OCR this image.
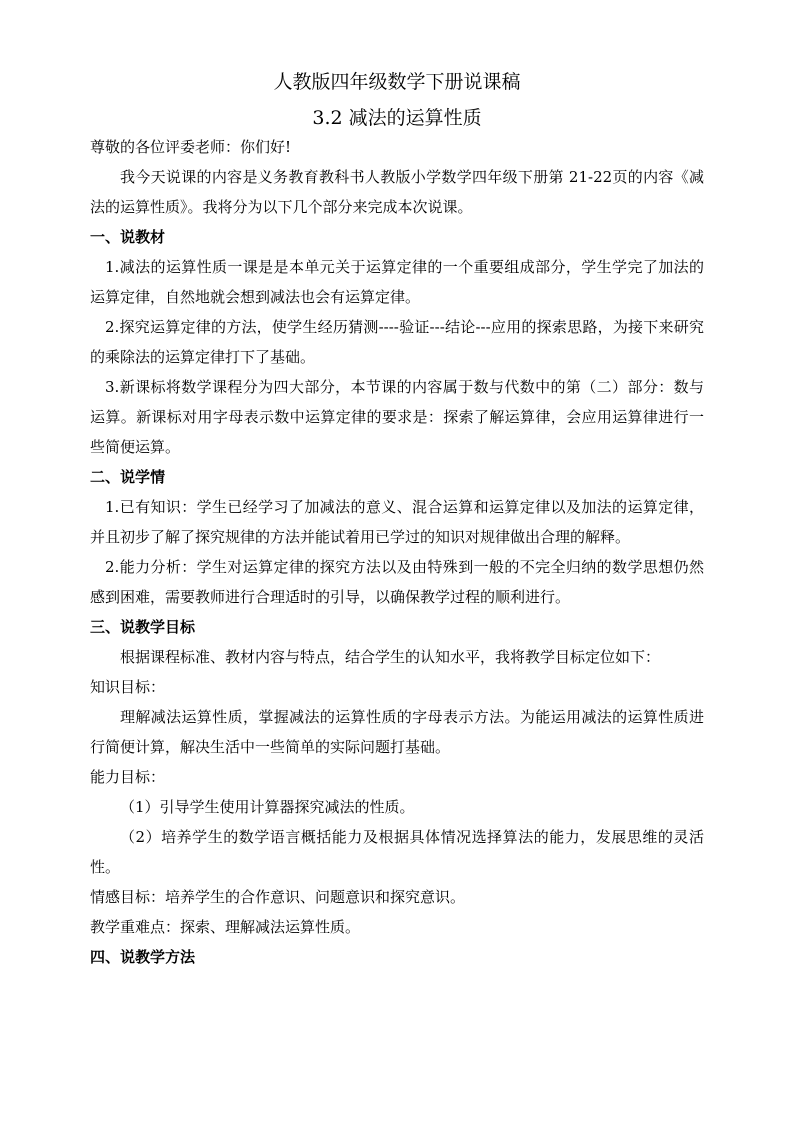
人教版四年级数学下册说课稿

3.2 减法的运算性质

尊敬的各位评委老师：你们好!

我今天说课的内容是义务教育教科书人教版小学数学四年级下册第 21-22页的内容《减法的运算性质》。我将分为以下几个部分来完成本次说课。

一、说教材

1.减法的运算性质一课是是本单元关于运算定律的一个重要组成部分，学生学完了加法的运算定律，自然地就会想到减法也会有运算定律。

2.探究运算定律的方法，使学生经历猜测----验证---结论---应用的探索思路，为接下来研究的乘除法的运算定律打下了基础。

3.新课标将数学课程分为四大部分，本节课的内容属于数与代数中的第（二）部分：数与运算。新课标对用字母表示数中运算定律的要求是：探索了解运算律，会应用运算律进行一些简便运算。

二、说学情

1.已有知识：学生已经学习了加减法的意义、混合运算和运算定律以及加法的运算定律，并且初步了解了探究规律的方法并能试着用已学过的知识对规律做出合理的解释。

2.能力分析：学生对运算定律的探究方法以及由特殊到一般的不完全归纳的数学思想仍然感到困难，需要教师进行合理适时的引导，以确保教学过程的顺利进行。

三、说教学目标

根据课程标准、教材内容与特点，结合学生的认知水平，我将教学目标定位如下：

知识目标：

理解减法运算性质，掌握减法的运算性质的字母表示方法。为能运用减法的运算性质进行简便计算，解决生活中一些简单的实际问题打基础。

能力目标：

（1）引导学生使用计算器探究减法的性质。

（2）培养学生的数学语言概括能力及根据具体情况选择算法的能力，发展思维的灵活性。

情感目标：培养学生的合作意识、问题意识和探究意识。

教学重难点：探索、理解减法运算性质。

四、说教学方法
